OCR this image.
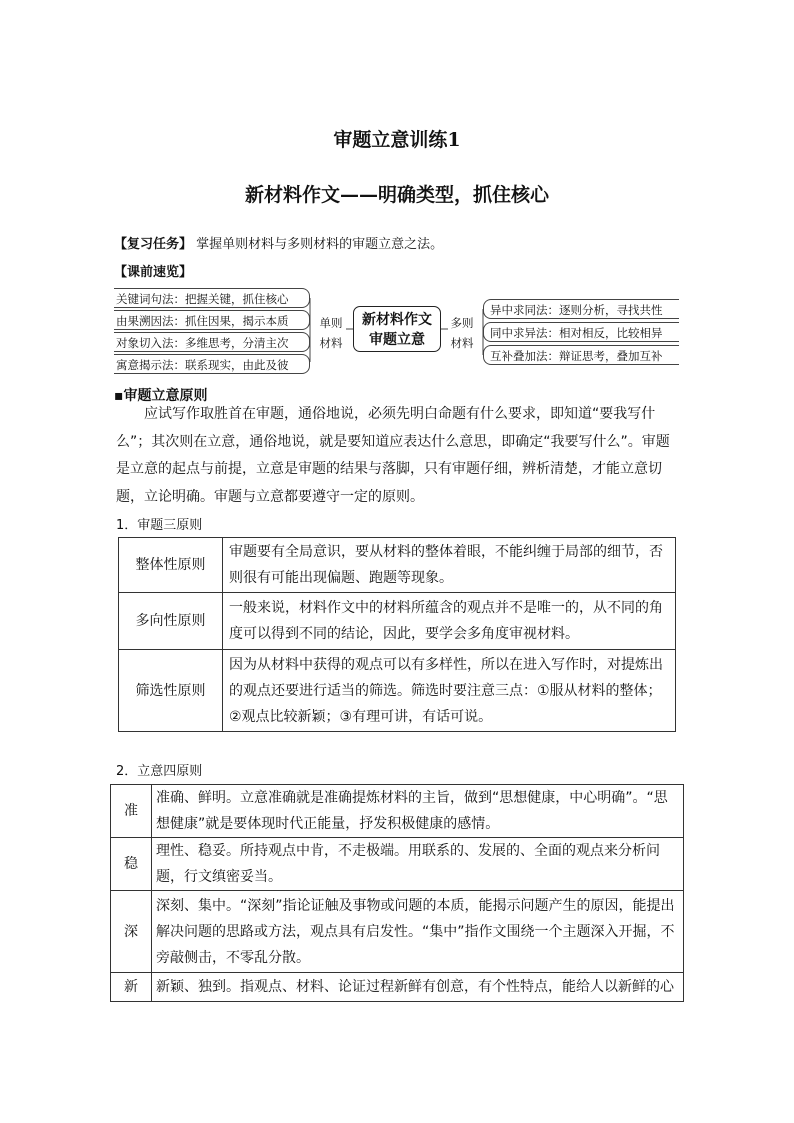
审题立意训练1
新材料作文——明确类型，抓住核心
【复习任务】 掌握单则材料与多则材料的审题立意之法。
【课前速览】
关键词句法：把握关键，抓住核心
由果溯因法：抓住因果，揭示本质
对象切入法：多维思考，分清主次
寓意揭示法：联系现实，由此及彼
单则
材料
新材料作文
审题立意
多则
材料
异中求同法：逐则分析，寻找共性
同中求异法：相对相反，比较相异
互补叠加法：辩证思考，叠加互补
▪审题立意原则
应试写作取胜首在审题，通俗地说，必须先明白命题有什么要求，即知道“要我写什么”；其次则在立意，通俗地说，就是要知道应表达什么意思，即确定“我要写什么”。审题是立意的起点与前提，立意是审题的结果与落脚，只有审题仔细，辨析清楚，才能立意切题，立论明确。审题与立意都要遵守一定的原则。
1．审题三原则
整体性原则	审题要有全局意识，要从材料的整体着眼，不能纠缠于局部的细节，否则很有可能出现偏题、跑题等现象。
多向性原则	一般来说，材料作文中的材料所蕴含的观点并不是唯一的，从不同的角度可以得到不同的结论，因此，要学会多角度审视材料。
筛选性原则	因为从材料中获得的观点可以有多样性，所以在进入写作时，对提炼出的观点还要进行适当的筛选。筛选时要注意三点：①服从材料的整体；②观点比较新颖；③有理可讲，有话可说。
2．立意四原则
准	准确、鲜明。立意准确就是准确提炼材料的主旨，做到“思想健康，中心明确”。“思想健康”就是要体现时代正能量，抒发积极健康的感情。
稳	理性、稳妥。所持观点中肯，不走极端。用联系的、发展的、全面的观点来分析问题，行文缜密妥当。
深	深刻、集中。“深刻”指论证触及事物或问题的本质，能揭示问题产生的原因，能提出解决问题的思路或方法，观点具有启发性。“集中”指作文围绕一个主题深入开掘，不旁敲侧击，不零乱分散。
新	新颖、独到。指观点、材料、论证过程新鲜有创意，有个性特点，能给人以新鲜的心
